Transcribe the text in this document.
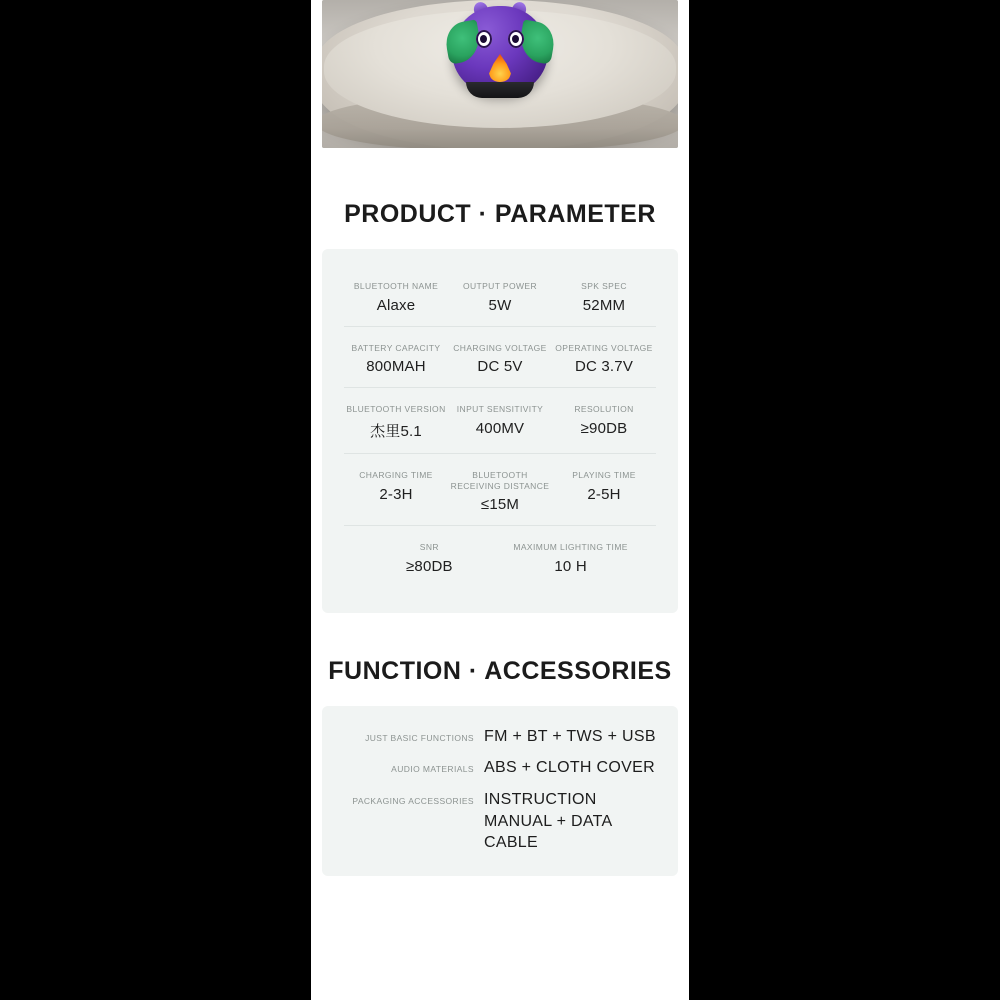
PRODUCT · PARAMETER
BLUETOOTH NAME
Alaxe
OUTPUT POWER
5W
SPK SPEC
52MM
BATTERY CAPACITY
800MAH
CHARGING VOLTAGE
DC 5V
OPERATING VOLTAGE
DC 3.7V
BLUETOOTH VERSION
杰里5.1
INPUT SENSITIVITY
400MV
RESOLUTION
≥90DB
CHARGING TIME
2-3H
BLUETOOTH RECEIVING DISTANCE
≤15M
PLAYING TIME
2-5H
SNR
≥80DB
MAXIMUM LIGHTING TIME
10 H
FUNCTION · ACCESSORIES
JUST BASIC FUNCTIONS FM + BT + TWS + USB
AUDIO MATERIALS ABS + CLOTH COVER
PACKAGING ACCESSORIES INSTRUCTION MANUAL + DATA CABLE
